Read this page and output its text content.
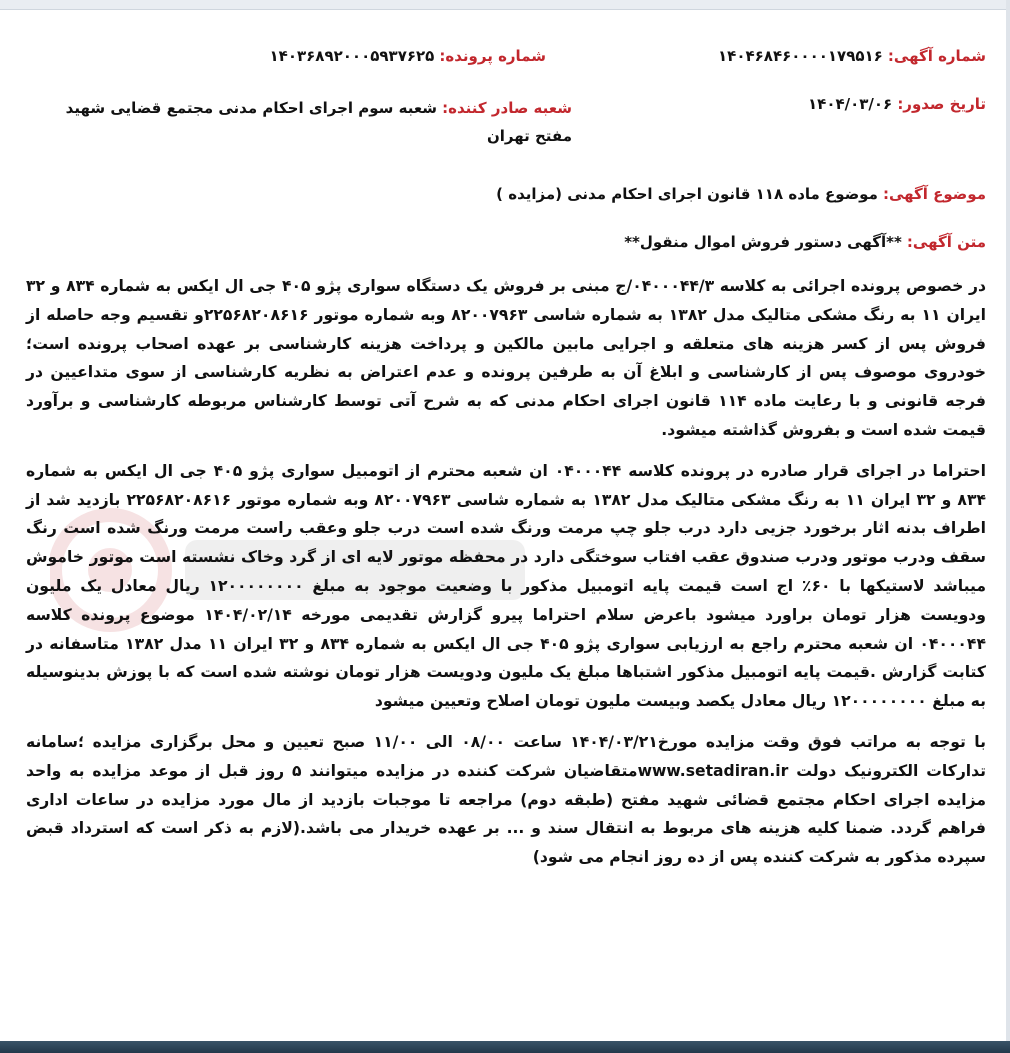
شماره آگهی: ۱۴۰۴۶۸۴۶۰۰۰۰۱۷۹۵۱۶
شماره پرونده: ۱۴۰۳۶۸۹۲۰۰۰۵۹۳۷۶۲۵
تاریخ صدور: ۱۴۰۴/۰۳/۰۶
شعبه صادر کننده: شعبه سوم اجرای احکام مدنی مجتمع قضایی شهید مفتح تهران
موضوع آگهی: موضوع ماده ۱۱۸ قانون اجرای احکام مدنی (مزایده )
متن آگهی: **آگهی دستور فروش اموال منقول**

در خصوص پرونده اجرائی به کلاسه ۰۴۰۰۰۴۴/۳/ج مبنی بر فروش یک دستگاه سواری پژو ۴۰۵ جی ال ایکس به شماره ۸۳۴ و ۳۲ ایران ۱۱ به رنگ مشکی متالیک مدل ۱۳۸۲ به شماره شاسی ۸۲۰۰۷۹۶۳ وبه شماره موتور ۲۲۵۶۸۲۰۸۶۱۶و تقسیم وجه حاصله از فروش پس از کسر هزینه های متعلقه و اجرایی مابین مالکین و پرداخت هزینه کارشناسی بر عهده اصحاب پرونده است؛خودروی موصوف پس از کارشناسی و ابلاغ آن به طرفین پرونده و عدم اعتراض به نظریه کارشناسی از سوی متداعیین در فرجه قانونی و با رعایت ماده ۱۱۴ قانون اجرای احکام مدنی که به شرح آتی توسط کارشناس مربوطه کارشناسی و برآورد قیمت شده است و بفروش گذاشته میشود.

احتراما در اجرای قرار صادره در پرونده کلاسه ۰۴۰۰۰۴۴ ان شعبه محترم از اتومبیل سواری پژو ۴۰۵ جی ال ایکس به شماره ۸۳۴ و ۳۲ ایران ۱۱ به رنگ مشکی متالیک مدل ۱۳۸۲ به شماره شاسی ۸۲۰۰۷۹۶۳ وبه شماره موتور ۲۲۵۶۸۲۰۸۶۱۶ بازدید شد از اطراف بدنه اثار برخورد جزیی دارد درب جلو چپ مرمت ورنگ شده است درب جلو وعقب راست مرمت ورنگ شده است رنگ سقف ودرب موتور ودرب صندوق عقب افتاب سوختگی دارد در محفظه موتور لایه ای از گرد وخاک نشسته است موتور خاموش میباشد لاستیکها با ۶۰٪ اج است قیمت پایه اتومبیل مذکور با وضعیت موجود به مبلغ ۱۲۰۰۰۰۰۰۰۰ ریال معادل یک ملیون ودویست هزار تومان براورد میشود باعرض سلام احتراما پیرو گزارش تقدیمی مورخه ۱۴۰۴/۰۲/۱۴ موضوع پرونده کلاسه ۰۴۰۰۰۴۴ ان شعبه محترم راجع به ارزیابی سواری پژو ۴۰۵ جی ال ایکس به شماره ۸۳۴ و ۳۲ ایران ۱۱ مدل ۱۳۸۲ متاسفانه در کتابت گزارش .قیمت پایه اتومبیل مذکور اشتباها مبلغ یک ملیون ودویست هزار تومان نوشته شده است که با پوزش بدینوسیله به مبلغ ۱۲۰۰۰۰۰۰۰۰ ریال معادل یکصد وبیست ملیون تومان اصلاح وتعیین میشود

با توجه به مراتب فوق وقت مزایده مورخ۱۴۰۴/۰۳/۲۱ ساعت ۰۸/۰۰ الی ۱۱/۰۰ صبح تعیین و محل برگزاری مزایده ؛سامانه تدارکات الکترونیک دولت www.setadiran.irمتقاضیان شرکت کننده در مزایده میتوانند ۵ روز قبل از موعد مزایده به واحد مزایده اجرای احکام مجتمع قضائی شهید مفتح (طبقه دوم) مراجعه تا موجبات بازدید از مال مورد مزایده در ساعات اداری فراهم گردد. ضمنا کلیه هزینه های مربوط به انتقال سند و ... بر عهده خریدار می باشد.(لازم به ذکر است که استرداد قبض سپرده مذکور به شرکت کننده پس از ده روز انجام می شود)
